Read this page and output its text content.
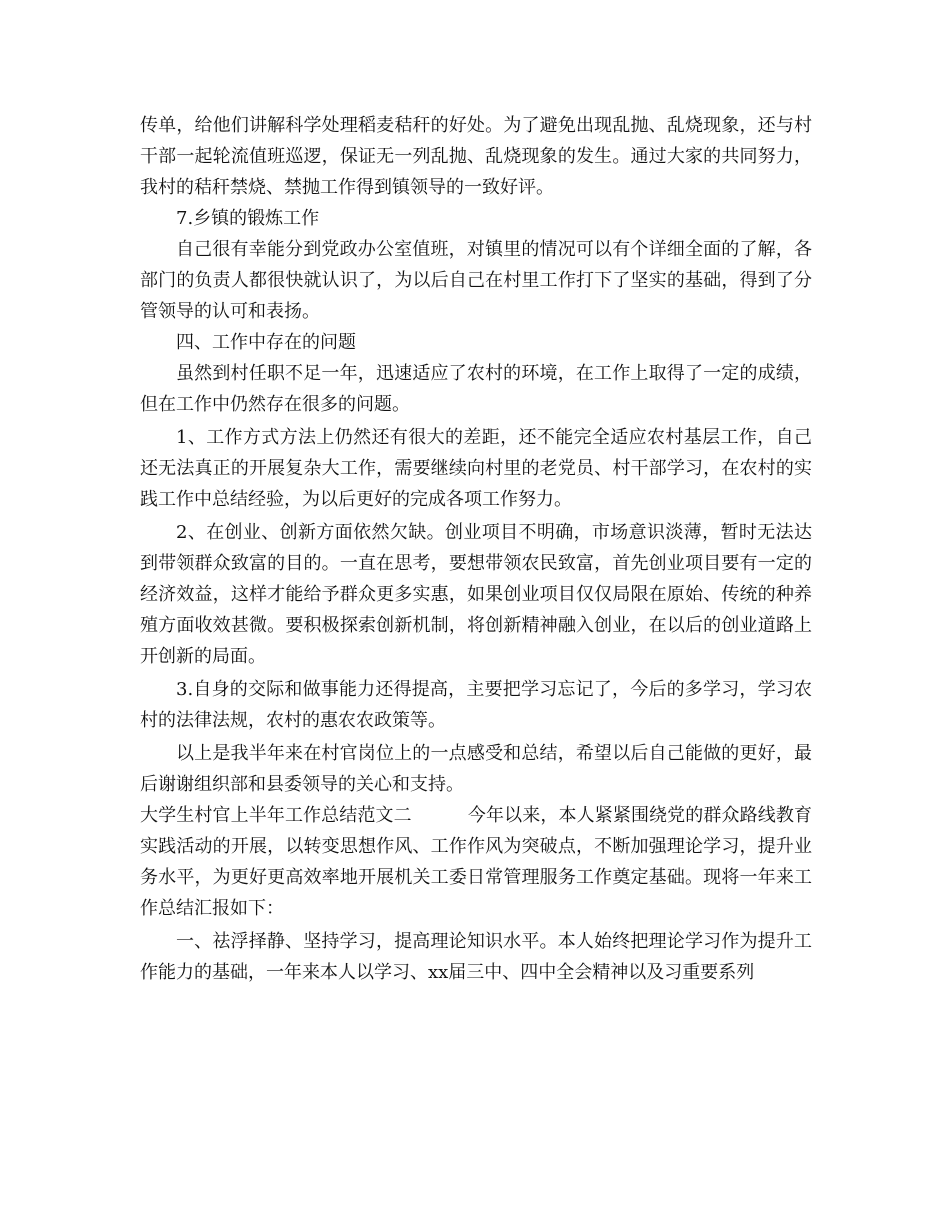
传单，给他们讲解科学处理稻麦秸秆的好处。为了避免出现乱抛、乱烧现象，还与村干部一起轮流值班巡逻，保证无一列乱抛、乱烧现象的发生。通过大家的共同努力，我村的秸秆禁烧、禁抛工作得到镇领导的一致好评。

7.乡镇的锻炼工作

自己很有幸能分到党政办公室值班，对镇里的情况可以有个详细全面的了解，各部门的负责人都很快就认识了，为以后自己在村里工作打下了坚实的基础，得到了分管领导的认可和表扬。

四、工作中存在的问题

虽然到村任职不足一年，迅速适应了农村的环境，在工作上取得了一定的成绩，但在工作中仍然存在很多的问题。

1、工作方式方法上仍然还有很大的差距，还不能完全适应农村基层工作，自己还无法真正的开展复杂大工作，需要继续向村里的老党员、村干部学习，在农村的实践工作中总结经验，为以后更好的完成各项工作努力。

2、在创业、创新方面依然欠缺。创业项目不明确，市场意识淡薄，暂时无法达到带领群众致富的目的。一直在思考，要想带领农民致富，首先创业项目要有一定的经济效益，这样才能给予群众更多实惠，如果创业项目仅仅局限在原始、传统的种养殖方面收效甚微。要积极探索创新机制，将创新精神融入创业，在以后的创业道路上开创新的局面。

3.自身的交际和做事能力还得提高，主要把学习忘记了，今后的多学习，学习农村的法律法规，农村的惠农农政策等。

以上是我半年来在村官岗位上的一点感受和总结，希望以后自己能做的更好，最后谢谢组织部和县委领导的关心和支持。

大学生村官上半年工作总结范文二	今年以来，本人紧紧围绕党的群众路线教育实践活动的开展，以转变思想作风、工作作风为突破点，不断加强理论学习，提升业务水平，为更好更高效率地开展机关工委日常管理服务工作奠定基础。现将一年来工作总结汇报如下：

一、祛浮择静、坚持学习，提高理论知识水平。本人始终把理论学习作为提升工作能力的基础，一年来本人以学习、xx届三中、四中全会精神以及习重要系列
